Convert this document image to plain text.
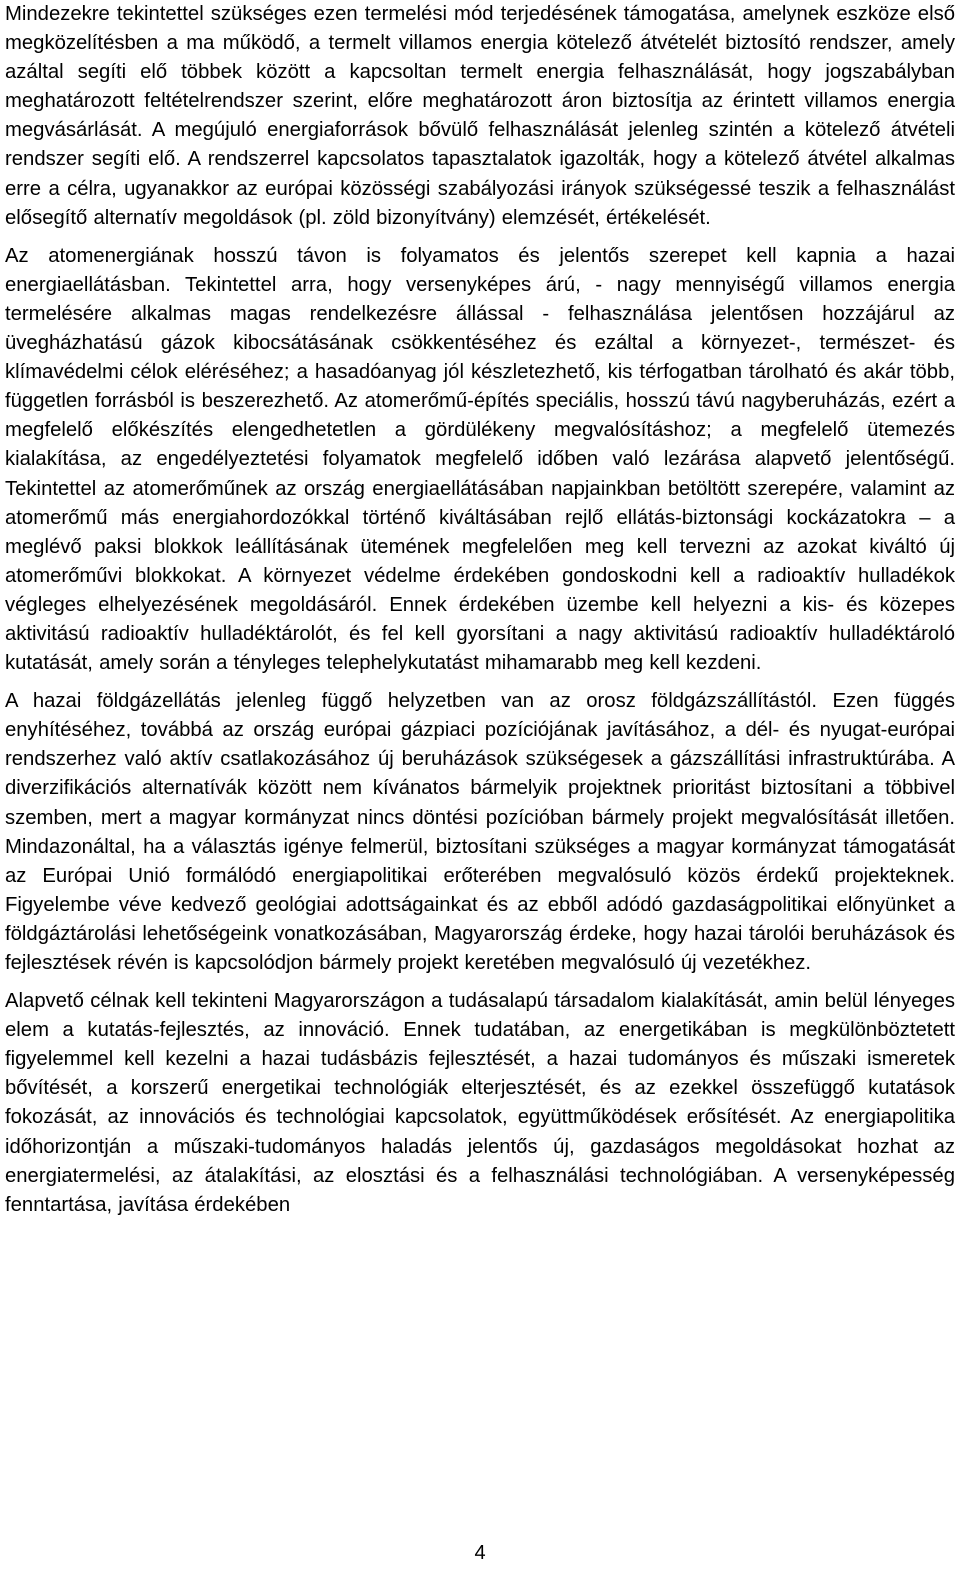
Mindezekre tekintettel szükséges ezen termelési mód terjedésének támogatása, amelynek eszköze első megközelítésben a ma működő, a termelt villamos energia kötelező átvételét biztosító rendszer, amely azáltal segíti elő többek között a kapcsoltan termelt energia felhasználását, hogy jogszabályban meghatározott feltételrendszer szerint, előre meghatározott áron biztosítja az érintett villamos energia megvásárlását. A megújuló energiaforrások bővülő felhasználását jelenleg szintén a kötelező átvételi rendszer segíti elő. A rendszerrel kapcsolatos tapasztalatok igazolták, hogy a kötelező átvétel alkalmas erre a célra, ugyanakkor az európai közösségi szabályozási irányok szükségessé teszik a felhasználást elősegítő alternatív megoldások (pl. zöld bizonyítvány) elemzését, értékelését.

Az atomenergiának hosszú távon is folyamatos és jelentős szerepet kell kapnia a hazai energiaellátásban. Tekintettel arra, hogy versenyképes árú, - nagy mennyiségű villamos energia termelésére alkalmas magas rendelkezésre állással - felhasználása jelentősen hozzájárul az üvegházhatású gázok kibocsátásának csökkentéséhez és ezáltal a környezet-, természet- és klímavédelmi célok eléréséhez; a hasadóanyag jól készletezhető, kis térfogatban tárolható és akár több, független forrásból is beszerezhető. Az atomerőmű-építés speciális, hosszú távú nagyberuházás, ezért a megfelelő előkészítés elengedhetetlen a gördülékeny megvalósításhoz; a megfelelő ütemezés kialakítása, az engedélyeztetési folyamatok megfelelő időben való lezárása alapvető jelentőségű. Tekintettel az atomerőműnek az ország energiaellátásában napjainkban betöltött szerepére, valamint az atomerőmű más energiahordozókkal történő kiváltásában rejlő ellátás-biztonsági kockázatokra – a meglévő paksi blokkok leállításának ütemének megfelelően meg kell tervezni az azokat kiváltó új atomerőművi blokkokat. A környezet védelme érdekében gondoskodni kell a radioaktív hulladékok végleges elhelyezésének megoldásáról. Ennek érdekében üzembe kell helyezni a kis- és közepes aktivitású radioaktív hulladéktárolót, és fel kell gyorsítani a nagy aktivitású radioaktív hulladéktároló kutatását, amely során a tényleges telephelykutatást mihamarabb meg kell kezdeni.

A hazai földgázellátás jelenleg függő helyzetben van az orosz földgázszállítástól. Ezen függés enyhítéséhez, továbbá az ország európai gázpiaci pozíciójának javításához, a dél- és nyugat-európai rendszerhez való aktív csatlakozásához új beruházások szükségesek a gázszállítási infrastruktúrába. A diverzifikációs alternatívák között nem kívánatos bármelyik projektnek prioritást biztosítani a többivel szemben, mert a magyar kormányzat nincs döntési pozícióban bármely projekt megvalósítását illetően. Mindazonáltal, ha a választás igénye felmerül, biztosítani szükséges a magyar kormányzat támogatását az Európai Unió formálódó energiapolitikai erőterében megvalósuló közös érdekű projekteknek. Figyelembe véve kedvező geológiai adottságainkat és az ebből adódó gazdaságpolitikai előnyünket a földgáztárolási lehetőségeink vonatkozásában, Magyarország érdeke, hogy hazai tárolói beruházások és fejlesztések révén is kapcsolódjon bármely projekt keretében megvalósuló új vezetékhez.

Alapvető célnak kell tekinteni Magyarországon a tudásalapú társadalom kialakítását, amin belül lényeges elem a kutatás-fejlesztés, az innováció. Ennek tudatában, az energetikában is megkülönböztetett figyelemmel kell kezelni a hazai tudásbázis fejlesztését, a hazai tudományos és műszaki ismeretek bővítését, a korszerű energetikai technológiák elterjesztését, és az ezekkel összefüggő kutatások fokozását, az innovációs és technológiai kapcsolatok, együttműködések erősítését. Az energiapolitika időhorizontján a műszaki-tudományos haladás jelentős új, gazdaságos megoldásokat hozhat az energiatermelési, az átalakítási, az elosztási és a felhasználási technológiában. A versenyképesség fenntartása, javítása érdekében

4
